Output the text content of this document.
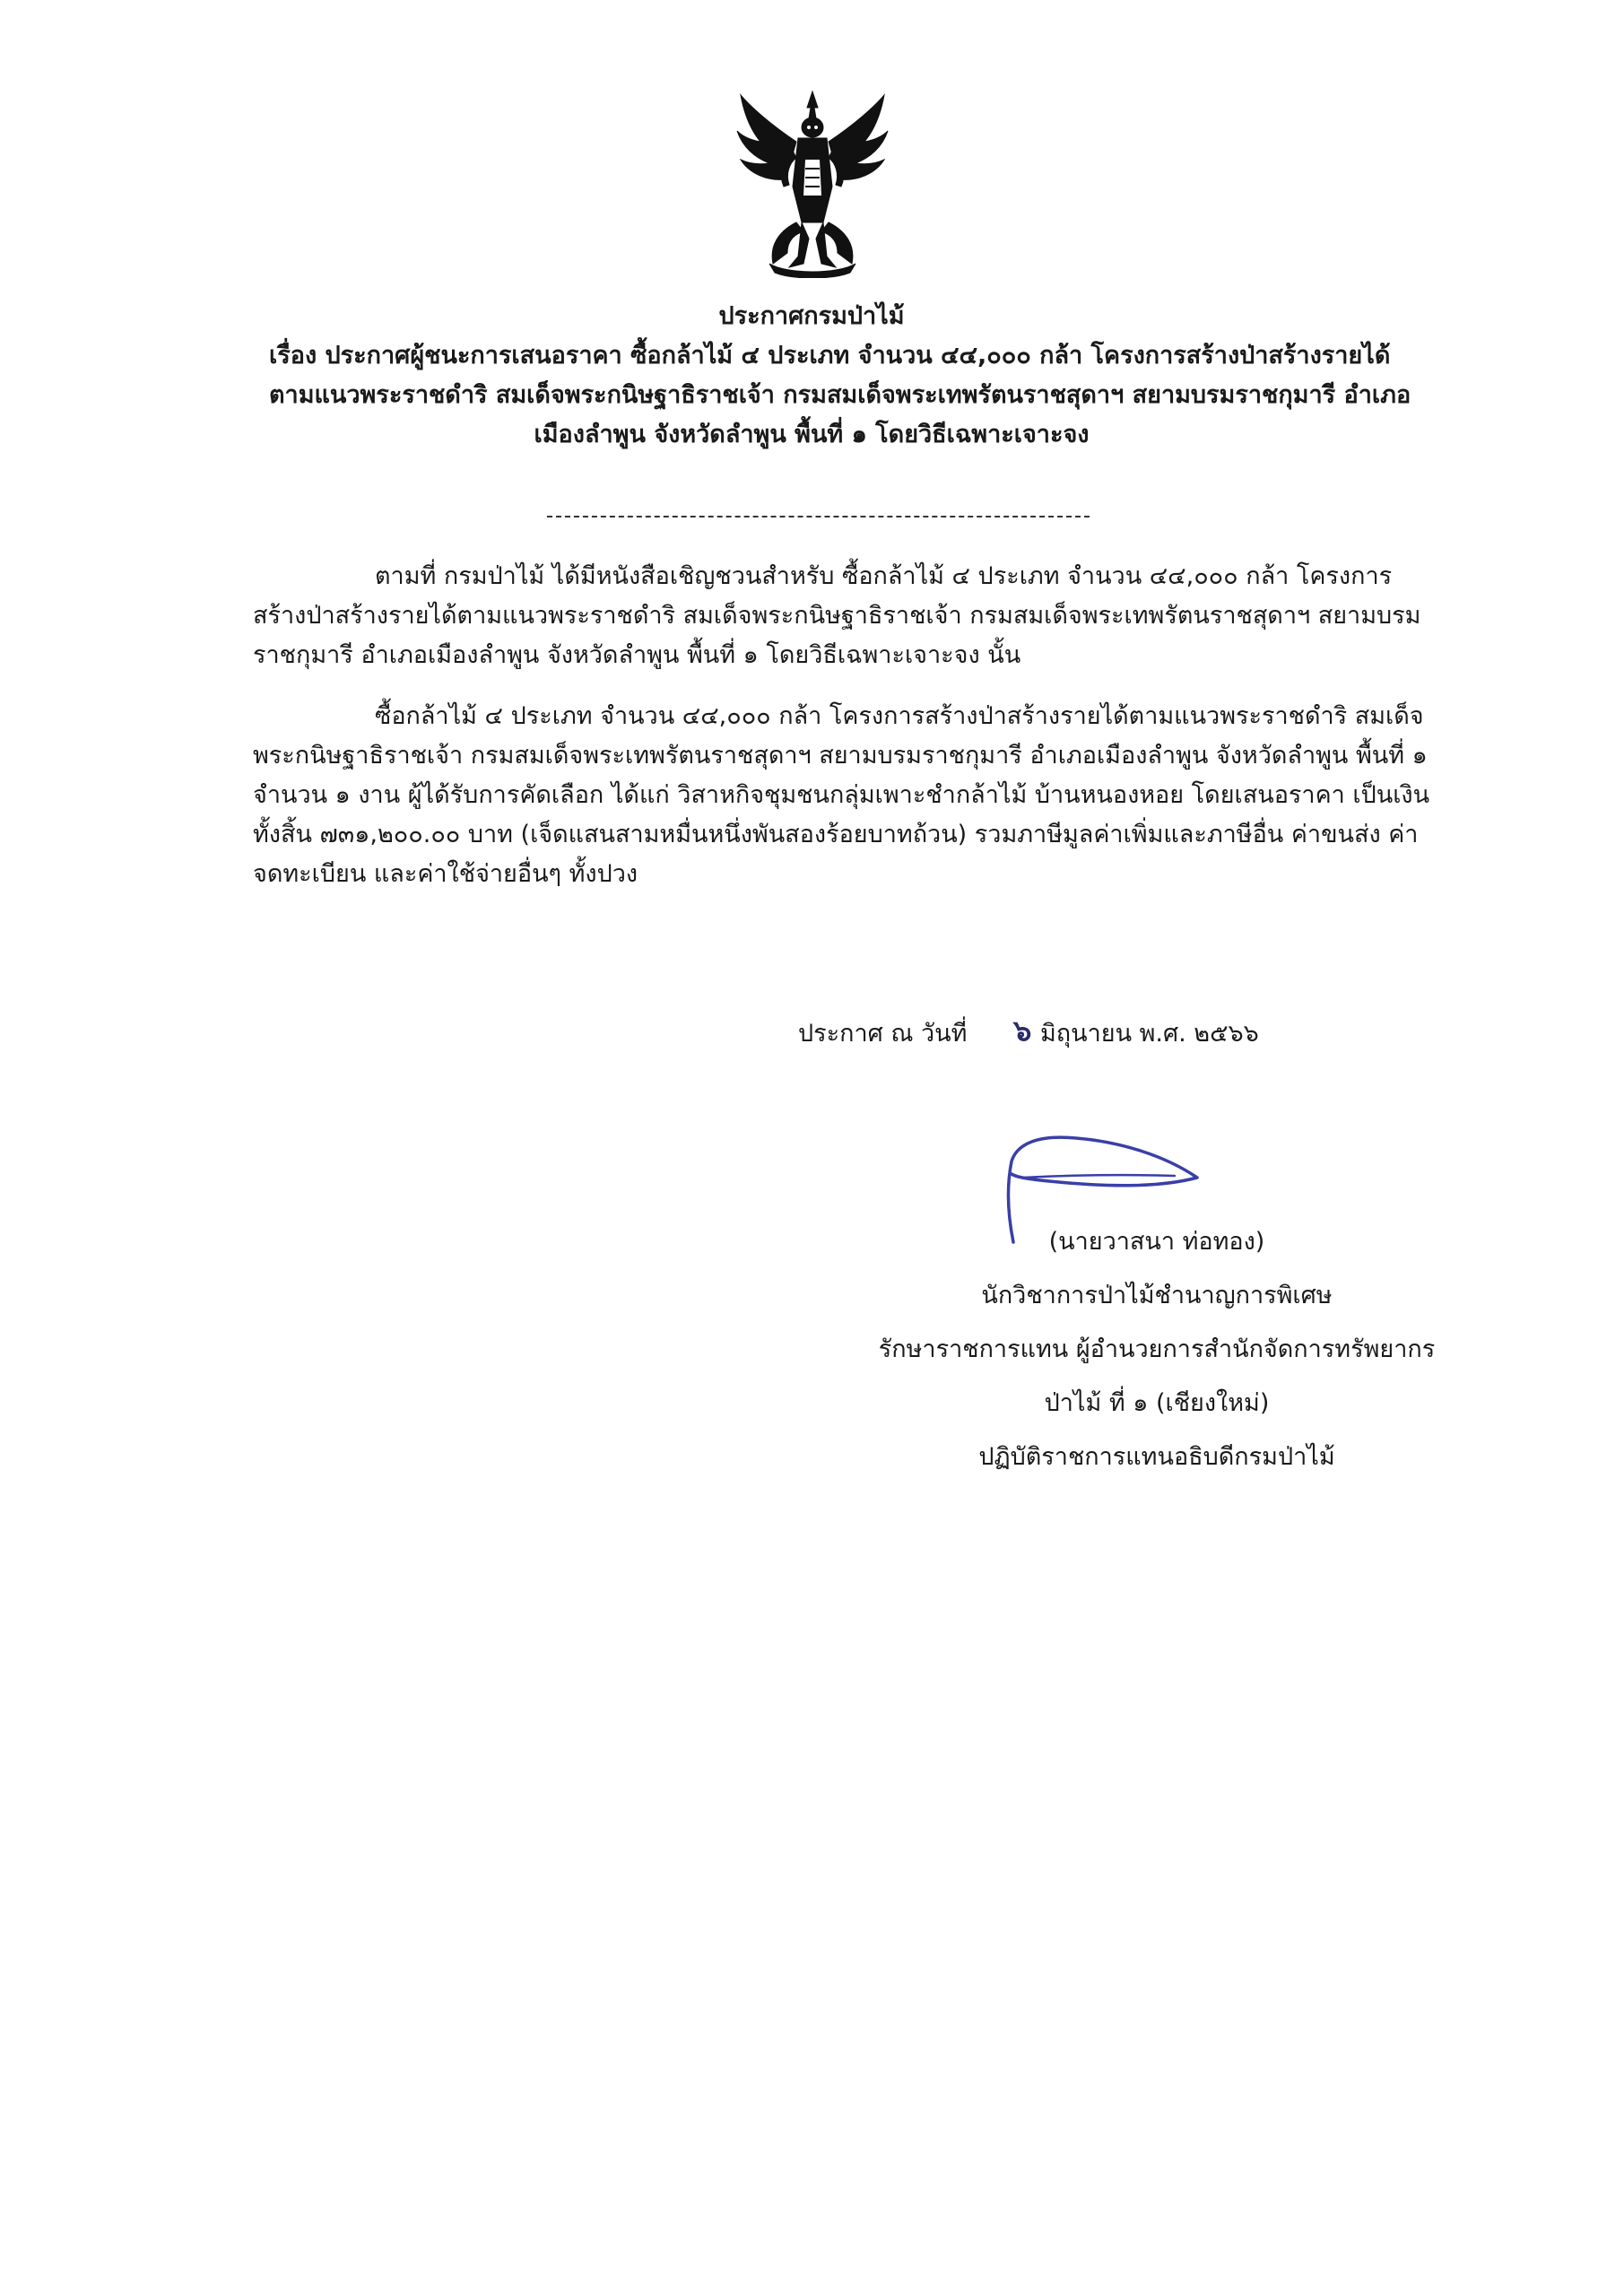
ประกาศกรมป่าไม้
เรื่อง ประกาศผู้ชนะการเสนอราคา ซื้อกล้าไม้ ๔ ประเภท จำนวน ๔๔,๐๐๐ กล้า โครงการสร้างป่าสร้างรายได้
ตามแนวพระราชดำริ สมเด็จพระกนิษฐาธิราชเจ้า กรมสมเด็จพระเทพรัตนราชสุดาฯ สยามบรมราชกุมารี อำเภอ
เมืองลำพูน จังหวัดลำพูน พื้นที่ ๑ โดยวิธีเฉพาะเจาะจง
ตามที่ กรมป่าไม้ ได้มีหนังสือเชิญชวนสำหรับ ซื้อกล้าไม้ ๔ ประเภท จำนวน ๔๔,๐๐๐ กล้า โครงการ
สร้างป่าสร้างรายได้ตามแนวพระราชดำริ สมเด็จพระกนิษฐาธิราชเจ้า กรมสมเด็จพระเทพรัตนราชสุดาฯ สยามบรม
ราชกุมารี อำเภอเมืองลำพูน จังหวัดลำพูน พื้นที่ ๑ โดยวิธีเฉพาะเจาะจง นั้น
ซื้อกล้าไม้ ๔ ประเภท จำนวน ๔๔,๐๐๐ กล้า โครงการสร้างป่าสร้างรายได้ตามแนวพระราชดำริ สมเด็จ
พระกนิษฐาธิราชเจ้า กรมสมเด็จพระเทพรัตนราชสุดาฯ สยามบรมราชกุมารี อำเภอเมืองลำพูน จังหวัดลำพูน พื้นที่ ๑
จำนวน ๑ งาน ผู้ได้รับการคัดเลือก ได้แก่ วิสาหกิจชุมชนกลุ่มเพาะชำกล้าไม้ บ้านหนองหอย โดยเสนอราคา เป็นเงิน
ทั้งสิ้น ๗๓๑,๒๐๐.๐๐ บาท (เจ็ดแสนสามหมื่นหนึ่งพันสองร้อยบาทถ้วน) รวมภาษีมูลค่าเพิ่มและภาษีอื่น ค่าขนส่ง ค่า
จดทะเบียน และค่าใช้จ่ายอื่นๆ ทั้งปวง
ประกาศ ณ วันที่ ๖ มิถุนายน พ.ศ. ๒๕๖๖
(นายวาสนา ท่อทอง)
นักวิชาการป่าไม้ชำนาญการพิเศษ
รักษาราชการแทน ผู้อำนวยการสำนักจัดการทรัพยากร
ป่าไม้ ที่ ๑ (เชียงใหม่)
ปฏิบัติราชการแทนอธิบดีกรมป่าไม้
